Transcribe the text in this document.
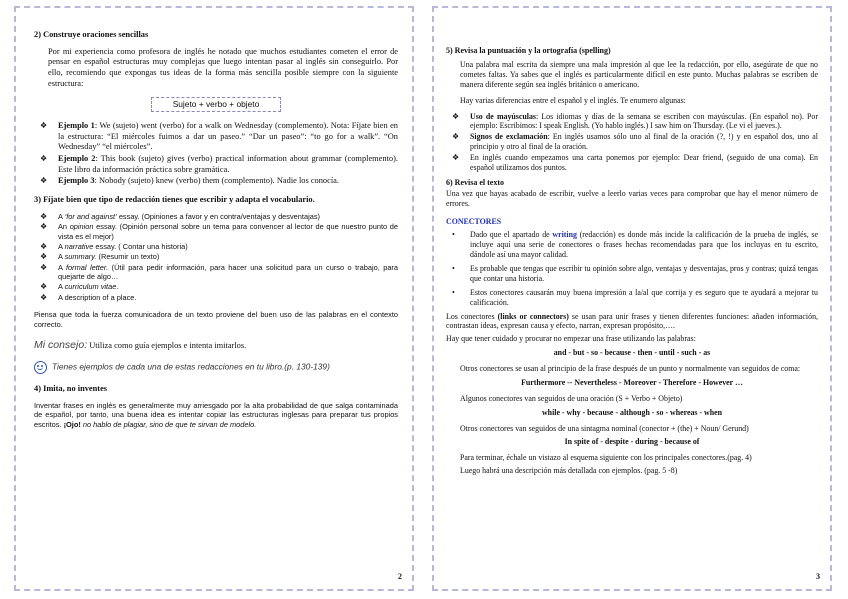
2) Construye oraciones sencillas

Por mi experiencia como profesora de inglés he notado que muchos estudiantes cometen el error de pensar en español estructuras muy complejas que luego intentan pasar al inglés sin conseguirlo. Por ello, recomiendo que expongas tus ideas de la forma más sencilla posible siempre con la siguiente estructura:

Sujeto + verbo + objeto
❖ Ejemplo 1: We (sujeto) went (verbo) for a walk on Wednesday (complemento). Nota: Fíjate bien en la estructura: “El miércoles fuimos a dar un paseo.” “Dar un paseo”: “to go for a walk”. “On Wednesday” “el miércoles”.
❖ Ejemplo 2: This book (sujeto) gives (verbo) practical information about grammar (complemento). Este libro da información práctica sobre gramática.
❖ Ejemplo 3: Nobody (sujeto) knew (verbo) them (complemento). Nadie los conocía.
3) Fíjate bien que tipo de redacción tienes que escribir y adapta el vocabulario.
❖ A ‘for and against’ essay. (Opiniones a favor y en contra/ventajas y desventajas)
❖ An opinion essay. (Opinión personal sobre un tema para convencer al lector de que nuestro punto de vista es el mejor)
❖ A narrative essay. ( Contar una historia)
❖ A summary. (Resumir un texto)
❖ A formal letter. (Útil para pedir información, para hacer una solicitud para un curso o trabajo, para quejarte de algo…
❖ A curriculum vitae.
❖ A description of a place.

Piensa que toda la fuerza comunicadora de un texto proviene del buen uso de las palabras en el contexto correcto.

Mi consejo: Utiliza como guía ejemplos e intenta imitarlos.

Tienes ejemplos de cada una de estas redacciones en tu libro.(p. 130-139)

4) Imita, no inventes

Inventar frases en inglés es generalmente muy arriesgado por la alta probabilidad de que salga contaminada de español, por tanto, una buena idea es intentar copiar las estructuras inglesas para preparar tus propios escritos. ¡Ojo! no hablo de plagiar, sino de que te sirvan de modelo.

2
5) Revisa la puntuación y la ortografía (spelling)

Una palabra mal escrita da siempre una mala impresión al que lee la redacción, por ello, asegúrate de que no cometes faltas. Ya sabes que el inglés es particularmente difícil en este punto. Muchas palabras se escriben de manera diferente según sea inglés británico o americano.

Hay varias diferencias entre el español y el inglés. Te enumero algunas:

❖ Uso de mayúsculas: Los idiomas y días de la semana se escriben con mayúsculas. (En español no). Por ejemplo: Escribimos: I speak English. (Yo hablo inglés.) I saw him on Thursday. (Le vi el jueves.).
❖ Signos de exclamación: En inglés usamos sólo uno al final de la oración (?, !) y en español dos, uno al principio y otro al final de la oración.
❖ En inglés cuando empezamos una carta ponemos por ejemplo: Dear friend, (seguido de una coma). En español utilizamos dos puntos.
6) Revisa el texto

Una vez que hayas acabado de escribir, vuelve a leerlo varias veces para comprobar que hay el menor número de errores.

CONECTORES
• Dado que el apartado de writing (redacción) es donde más incide la calificación de la prueba de inglés, se incluye aquí una serie de conectores o frases hechas recomendadas para que los incluyas en tu escrito, dándole así una mayor calidad.
• Es probable que tengas que escribir tu opinión sobre algo, ventajas y desventajas, pros y contras; quizá tengas que contar una historia.
• Estos conectores causarán muy buena impresión a la/al que corrija y es seguro que te ayudará a mejorar tu calificación.

Los conectores (links or connectors) se usan para unir frases y tienen diferentes funciones: añaden información, contrastan ideas, expresan causa y efecto, narran, expresan propósito,….

Hay que tener cuidado y procurar no empezar una frase utilizando las palabras:

and - but - so - because - then - until - such - as

Otros conectores se usan al principio de la frase después de un punto y normalmente van seguidos de coma:

Furthermore -- Nevertheless - Moreover - Therefore - However …

Algunos conectores van seguidos de una oración (S + Verbo + Objeto)

while - why - because - although - so - whereas - when

Otros conectores van seguidos de una sintagma nominal (conector + (the) + Noun/ Gerund)

In spite of - despite - during - because of

Para terminar, échale un vistazo al esquema siguiente con los principales conectores.(pag. 4)

Luego habrá una descripción más detallada con ejemplos. (pag. 5 -8)

3
